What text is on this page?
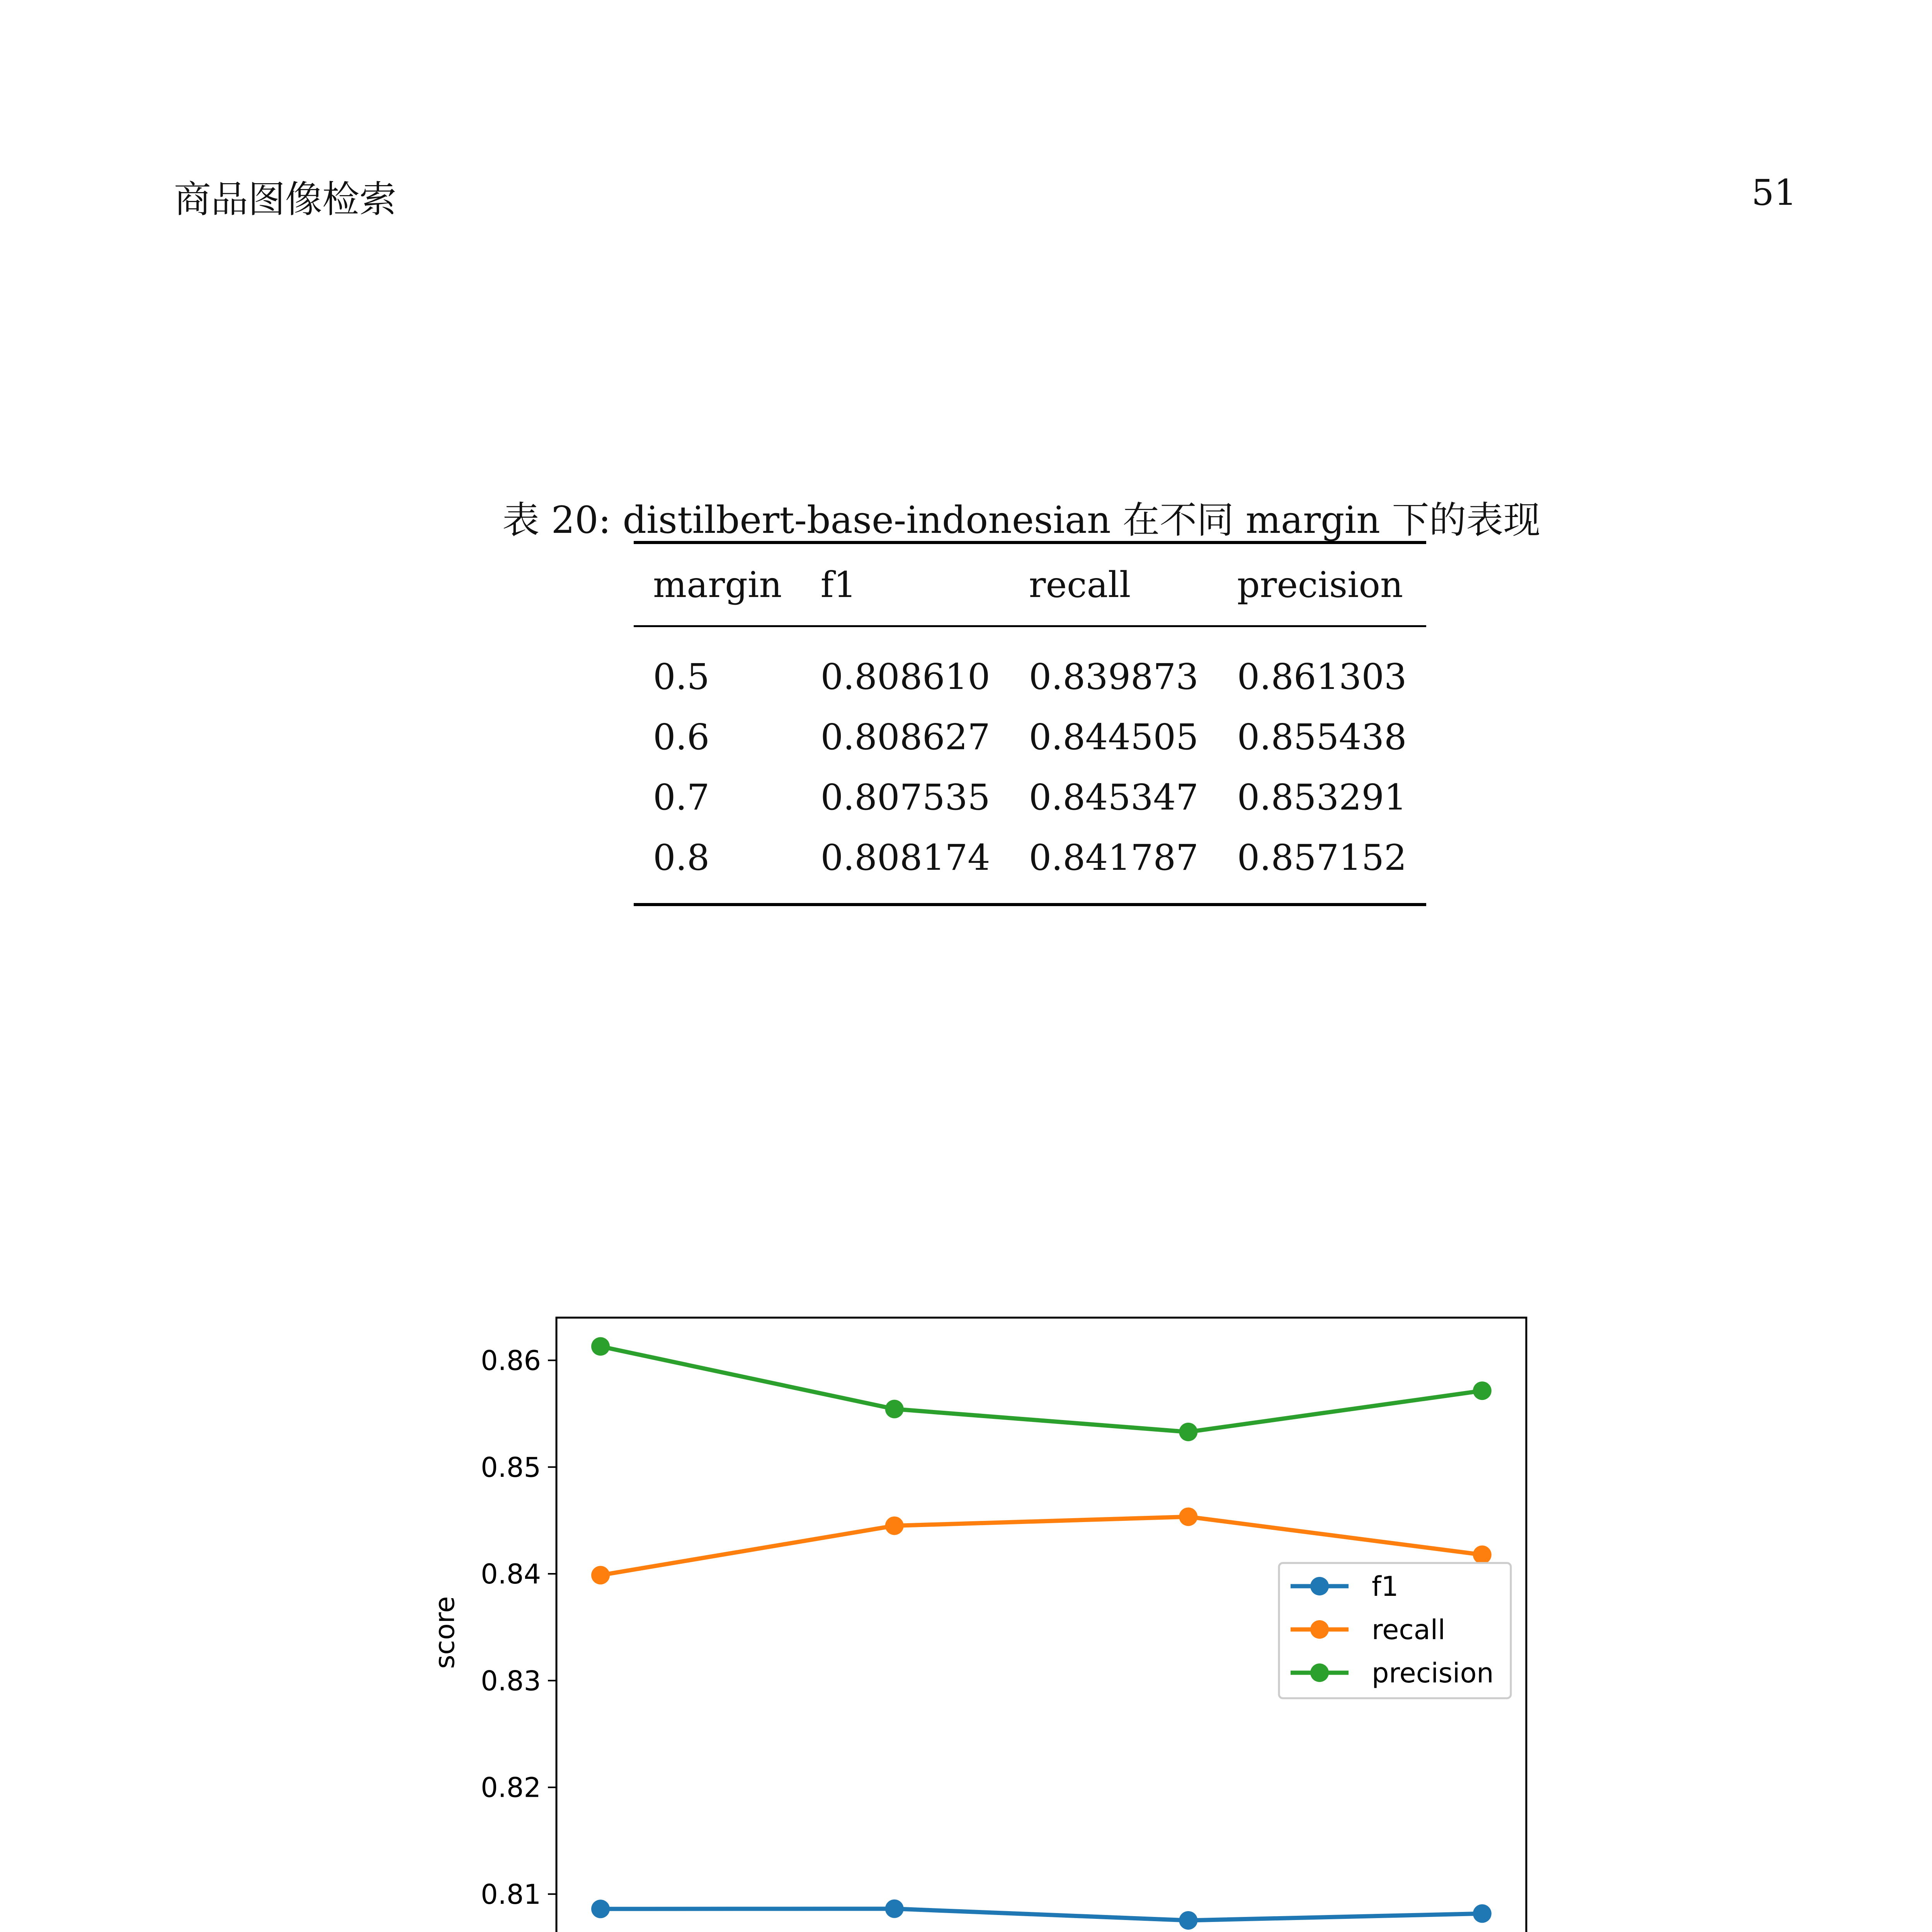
商品图像检索	51
表 20: distilbert-base-indonesian 在不同 margin 下的表现
margin	f1	recall	precision
0.5	0.808610	0.839873	0.861303
0.6	0.808627	0.844505	0.855438
0.7	0.807535	0.845347	0.853291
0.8	0.808174	0.841787	0.857152
0.81
0.82
0.83
0.84
0.85
0.86
score
f1
recall
precision
